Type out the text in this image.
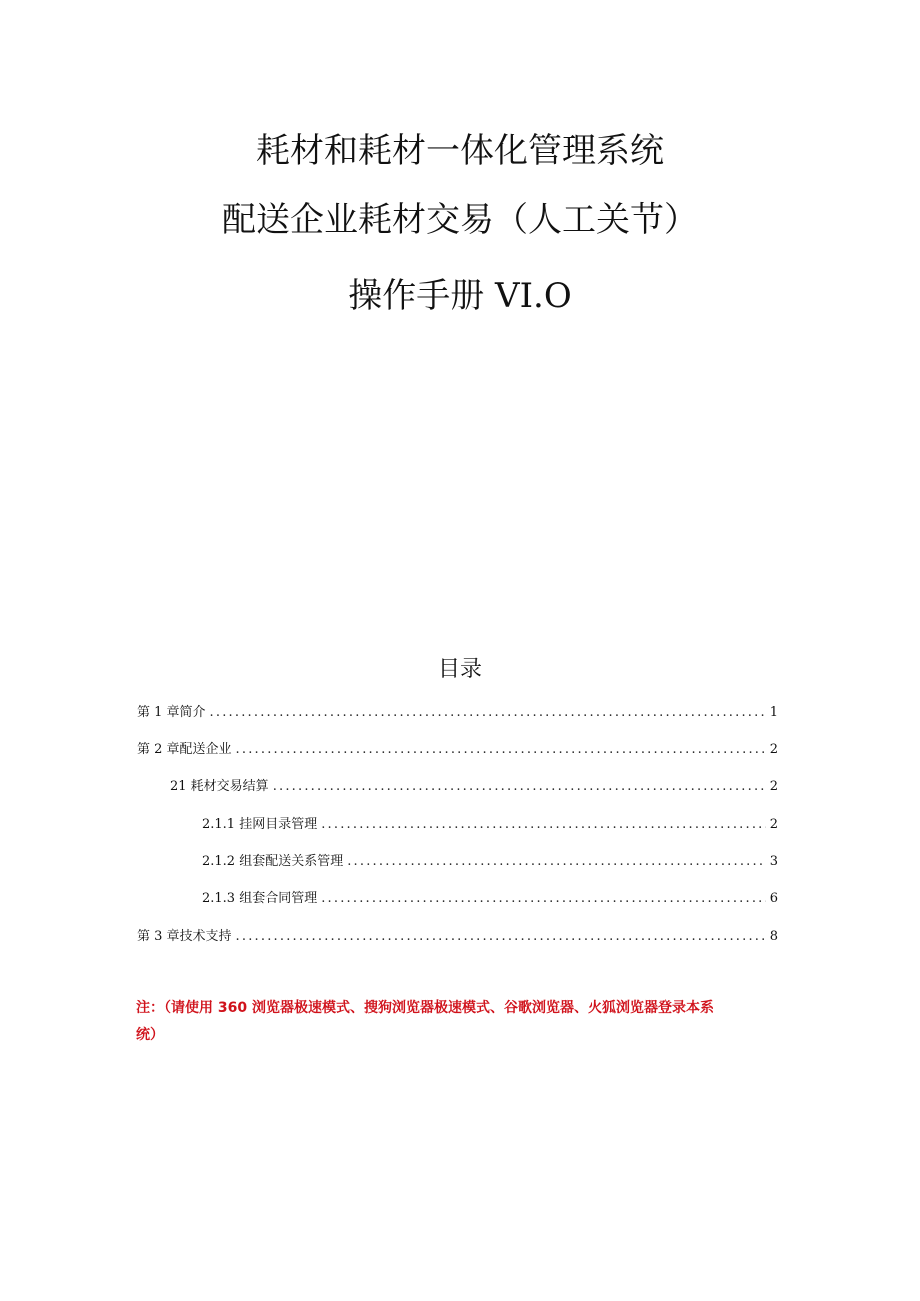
耗材和耗材一体化管理系统
配送企业耗材交易（人工关节）
操作手册 VI.O
目录
第 1 章简介 .....	1
第 2 章配送企业 .....	2
21 耗材交易结算 .....	2
2.1.1 挂网目录管理 .....	2
2.1.2 组套配送关系管理 .....	3
2.1.3 组套合同管理 .....	6
第 3 章技术支持 .....	8
注：（请使用 360 浏览器极速模式、搜狗浏览器极速模式、谷歌浏览器、火狐浏览器登录本系
统）
